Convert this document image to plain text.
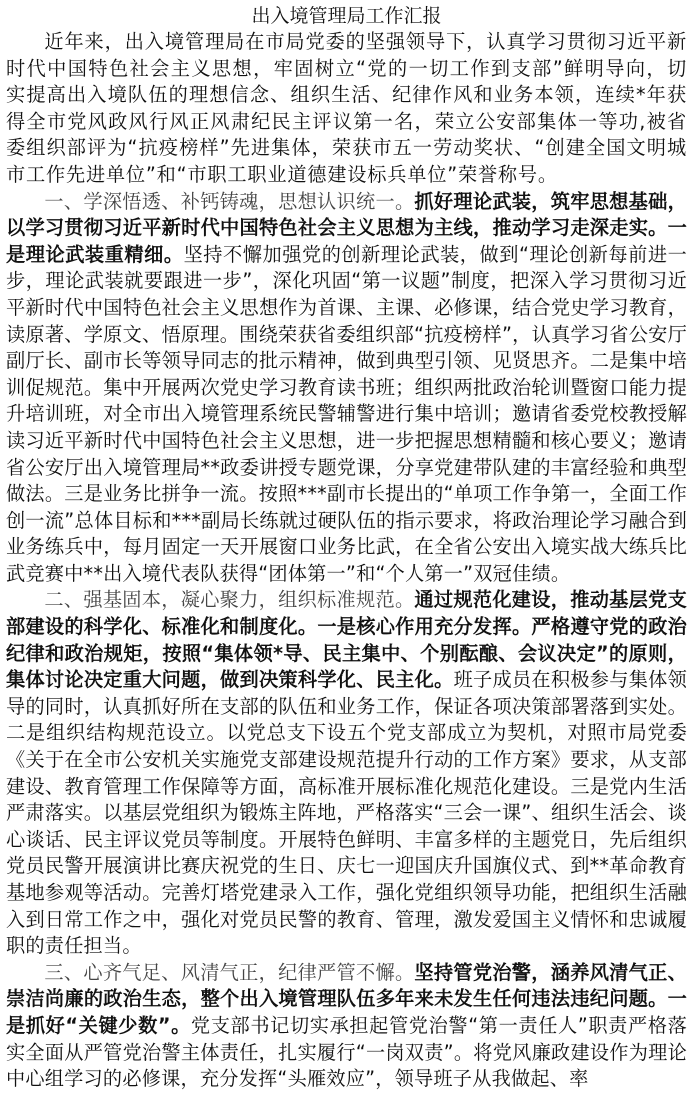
出入境管理局工作汇报

近年来，出入境管理局在市局党委的坚强领导下，认真学习贯彻习近平新时代中国特色社会主义思想，牢固树立“党的一切工作到支部”鲜明导向，切实提高出入境队伍的理想信念、组织生活、纪律作风和业务本领，连续*年获得全市党风政风行风正风肃纪民主评议第一名，荣立公安部集体一等功,被省委组织部评为“抗疫榜样”先进集体，荣获市五一劳动奖状、“创建全国文明城市工作先进单位”和“市职工职业道德建设标兵单位”荣誉称号。

一、学深悟透、补钙铸魂，思想认识统一。抓好理论武装，筑牢思想基础，以学习贯彻习近平新时代中国特色社会主义思想为主线，推动学习走深走实。一是理论武装重精细。坚持不懈加强党的创新理论武装，做到“理论创新每前进一步，理论武装就要跟进一步”，深化巩固“第一议题”制度，把深入学习贯彻习近平新时代中国特色社会主义思想作为首课、主课、必修课，结合党史学习教育，读原著、学原文、悟原理。围绕荣获省委组织部“抗疫榜样”，认真学习省公安厅副厅长、副市长等领导同志的批示精神，做到典型引领、见贤思齐。二是集中培训促规范。集中开展两次党史学习教育读书班；组织两批政治轮训暨窗口能力提升培训班，对全市出入境管理系统民警辅警进行集中培训；邀请省委党校教授解读习近平新时代中国特色社会主义思想，进一步把握思想精髓和核心要义；邀请省公安厅出入境管理局**政委讲授专题党课，分享党建带队建的丰富经验和典型做法。三是业务比拼争一流。按照***副市长提出的“单项工作争第一，全面工作创一流”总体目标和***副局长练就过硬队伍的指示要求，将政治理论学习融合到业务练兵中，每月固定一天开展窗口业务比武，在全省公安出入境实战大练兵比武竞赛中**出入境代表队获得“团体第一”和“个人第一”双冠佳绩。

二、强基固本，凝心聚力，组织标准规范。通过规范化建设，推动基层党支部建设的科学化、标准化和制度化。一是核心作用充分发挥。严格遵守党的政治纪律和政治规矩，按照“集体领*导、民主集中、个别酝酿、会议决定”的原则，集体讨论决定重大问题，做到决策科学化、民主化。班子成员在积极参与集体领导的同时，认真抓好所在支部的队伍和业务工作，保证各项决策部署落到实处。二是组织结构规范设立。以党总支下设五个党支部成立为契机，对照市局党委《关于在全市公安机关实施党支部建设规范提升行动的工作方案》要求，从支部建设、教育管理工作保障等方面，高标准开展标准化规范化建设。三是党内生活严肃落实。以基层党组织为锻炼主阵地，严格落实“三会一课”、组织生活会、谈心谈话、民主评议党员等制度。开展特色鲜明、丰富多样的主题党日，先后组织党员民警开展演讲比赛庆祝党的生日、庆七一迎国庆升国旗仪式、到**革命教育基地参观等活动。完善灯塔党建录入工作，强化党组织领导功能，把组织生活融入到日常工作之中，强化对党员民警的教育、管理，激发爱国主义情怀和忠诚履职的责任担当。

三、心齐气足、风清气正，纪律严管不懈。坚持管党治警，涵养风清气正、崇洁尚廉的政治生态，整个出入境管理队伍多年来未发生任何违法违纪问题。一是抓好“关键少数”。党支部书记切实承担起管党治警“第一责任人”职责严格落实全面从严管党治警主体责任，扎实履行“一岗双责”。将党风廉政建设作为理论中心组学习的必修课，充分发挥“头雁效应”，领导班子从我做起、率
